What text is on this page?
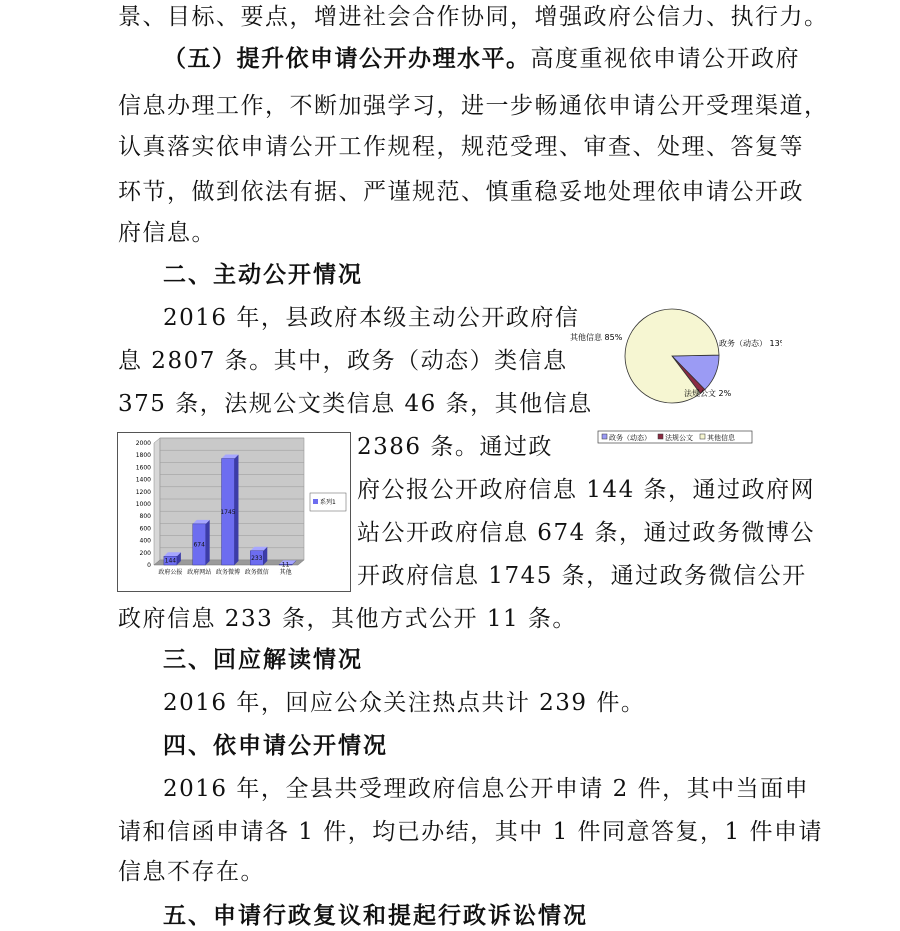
景、目标、要点，增进社会合作协同，增强政府公信力、执行力。
（五）提升依申请公开办理水平。高度重视依申请公开政府
信息办理工作，不断加强学习，进一步畅通依申请公开受理渠道，
认真落实依申请公开工作规程，规范受理、审查、处理、答复等
环节，做到依法有据、严谨规范、慎重稳妥地处理依申请公开政
府信息。
二、主动公开情况
2016 年，县政府本级主动公开政府信
息 2807 条。其中，政务（动态）类信息
375 条，法规公文类信息 46 条，其他信息
2386 条。通过政
府公报公开政府信息 144 条，通过政府网
站公开政府信息 674 条，通过政务微博公
开政府信息 1745 条，通过政务微信公开
政府信息 233 条，其他方式公开 11 条。
其他信息 85%
政务（动态） 13%
法规公文 2%
政务（动态） 法规公文 其他信息
0
200
400
600
800
1000
1200
1400
1600
1800
2000
144
政府公报
674
政府网站
1745
政务微博
233
政务微信
11
其他
系列1
三、回应解读情况
2016 年，回应公众关注热点共计 239 件。
四、依申请公开情况
2016 年，全县共受理政府信息公开申请 2 件，其中当面申
请和信函申请各 1 件，均已办结，其中 1 件同意答复，1 件申请
信息不存在。
五、申请行政复议和提起行政诉讼情况
